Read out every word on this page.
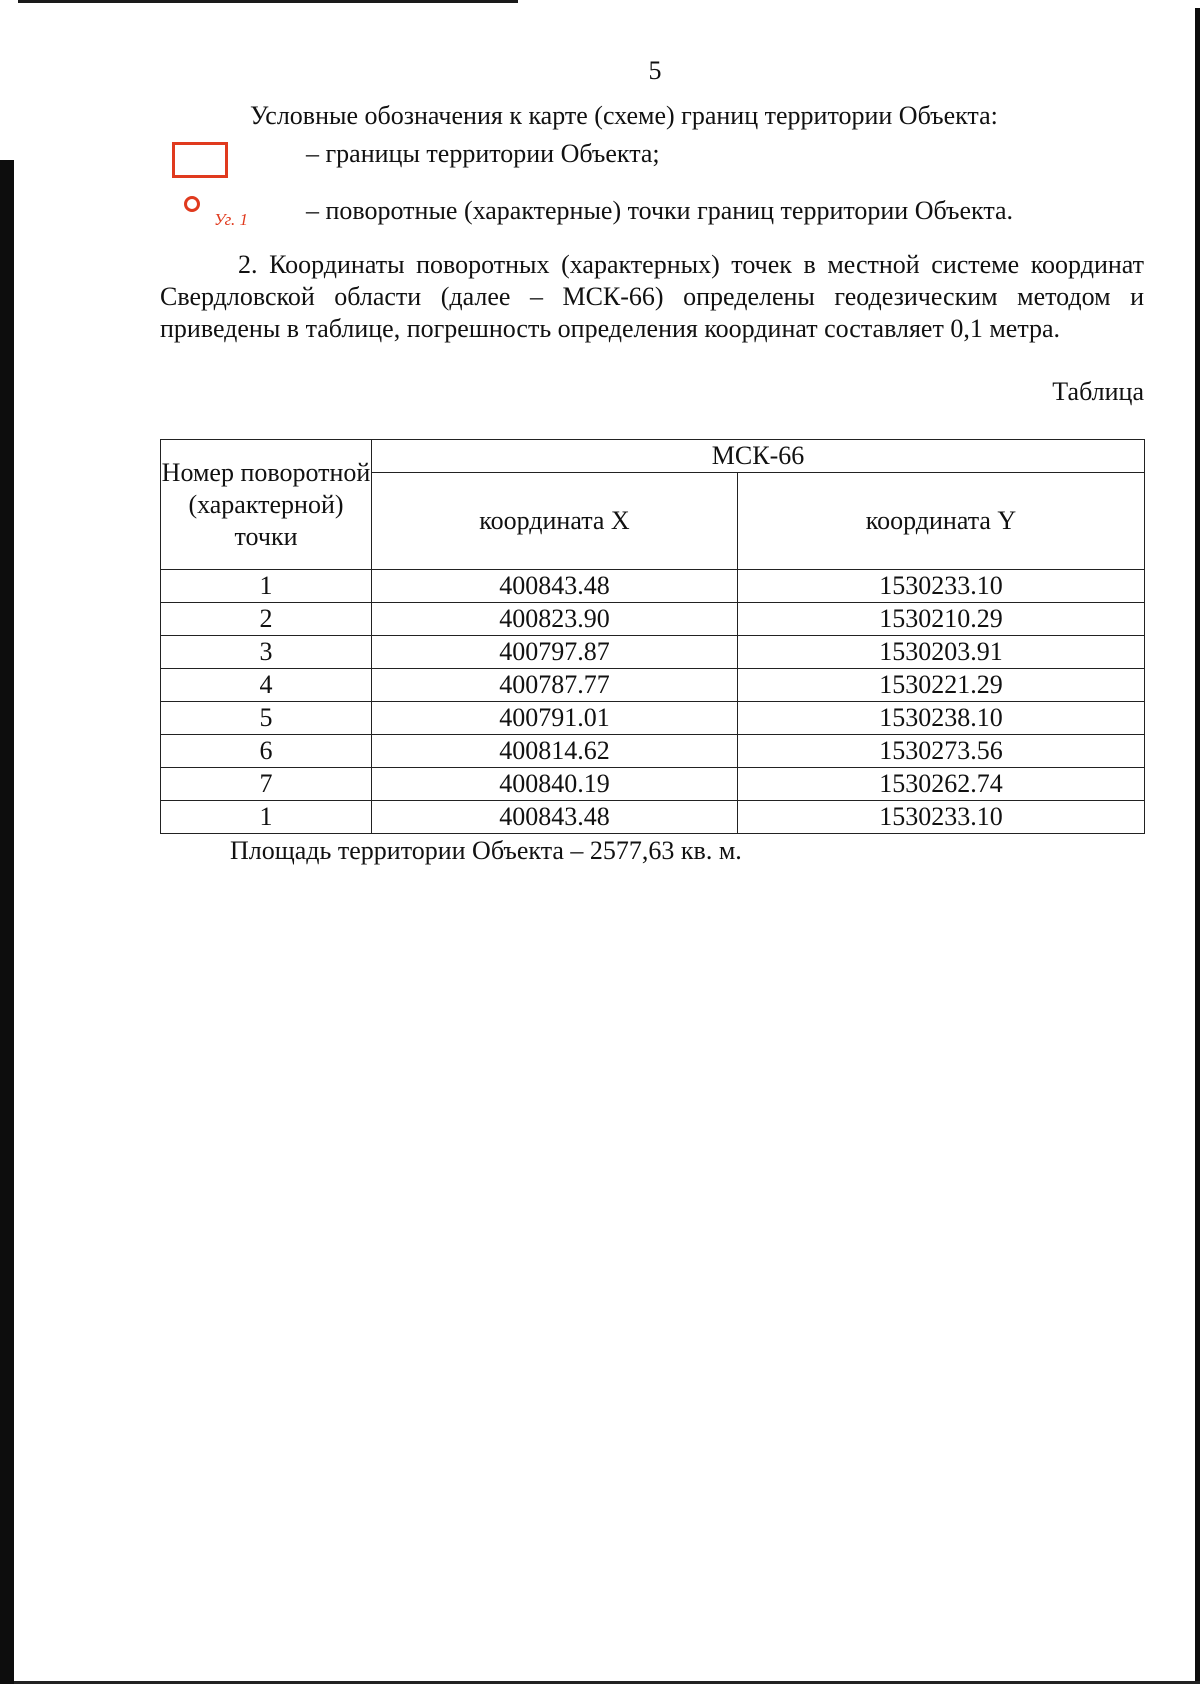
5
Условные обозначения к карте (схеме) границ территории Объекта:
– границы территории Объекта;
Уг. 1 – поворотные (характерные) точки границ территории Объекта.

2. Координаты поворотных (характерных) точек в местной системе координат Свердловской области (далее – МСК-66) определены геодезическим методом и приведены в таблице, погрешность определения координат составляет 0,1 метра.

Таблица
Номер поворотной (характерной) точки	МСК-66	
	координата X	координата Y
1	400843.48	1530233.10
2	400823.90	1530210.29
3	400797.87	1530203.91
4	400787.77	1530221.29
5	400791.01	1530238.10
6	400814.62	1530273.56
7	400840.19	1530262.74
1	400843.48	1530233.10
Площадь территории Объекта – 2577,63 кв. м.
